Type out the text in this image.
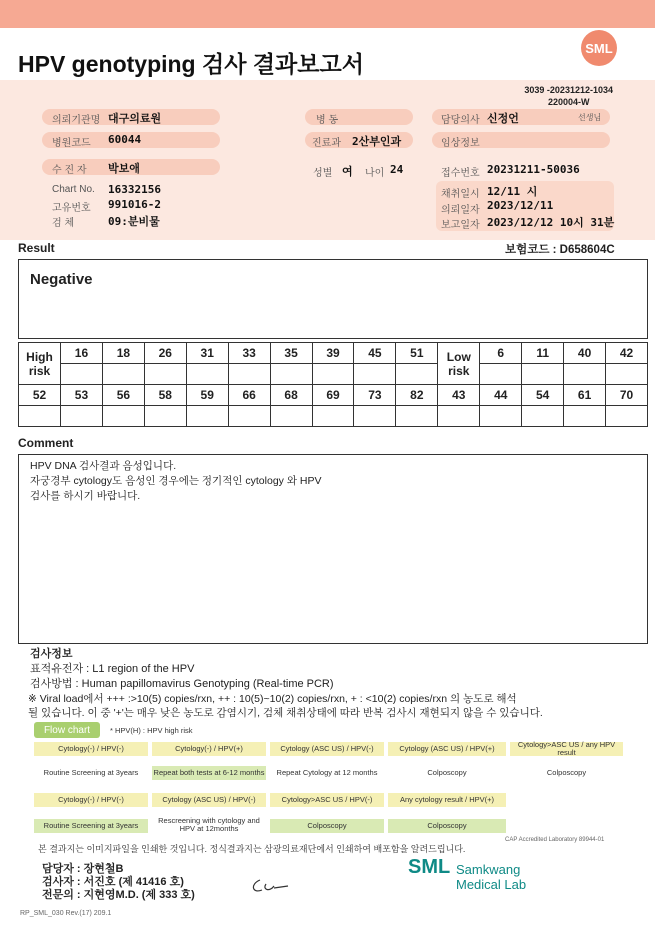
HPV genotyping 검사 결과보고서
SML
3039 -20231212-1034
220004-W
의뢰기관명 대구의료원	병 동	담당의사 신정언	선생님
병원코드 60044	진료과 2산부인과	임상정보
수 진 자 박보애	성별 여 나이 24	접수번호 20231211-50036
Chart No. 16332156
고유번호 991016-2
검 체	09:분비물
채취일시 12/11 시
의뢰일자 2023/12/11
보고일자 2023/12/12 10시 31분
Result	보험코드 : D658604C
Negative
High risk	16	18	26	31	33	35	39	45	51	Low risk	6	11	40	42

52	53	56	58	59	66	68	69	73	82	43	44	54	61	70

Comment
HPV DNA 검사결과 음성입니다.
자궁경부 cytology도 음성인 경우에는 정기적인 cytology 와 HPV
검사를 하시기 바랍니다.
검사정보
표적유전자 : L1 region of the HPV
검사방법 : Human papillomavirus Genotyping (Real-time PCR)
※ Viral load에서 +++ :>10(5) copies/rxn, ++ : 10(5)~10(2) copies/rxn, + : <10(2) copies/rxn 의 농도로 해석
될 있습니다. 이 중 '+'는 매우 낮은 농도로 감염시기, 검체 채취상태에 따라 반복 검사시 재현되지 않을 수 있습니다.
Flow chart	* HPV(H) : HPV high risk
Cytology(-) / HPV(-)	Cytology(-) / HPV(+)	Cytology (ASC US) / HPV(-)	Cytology (ASC US) / HPV(+)	Cytology>ASC US / any HPV result
Routine Screening at 3years	Repeat both tests at 6-12 months	Repeat Cytology at 12 months	Colposcopy	Colposcopy
Cytology(-) / HPV(-)	Cytology (ASC US) / HPV(-)	Cytology>ASC US / HPV(-)	Any cytology result / HPV(+)
Routine Screening at 3years
Rescreening with cytology and HPV at 12months	Colposcopy	Colposcopy
CAP Accredited Laboratory 89944-01
본 결과지는 이미지파일을 인쇄한 것입니다. 정식결과지는 삼광의료재단에서 인쇄하여 배포함을 알려드립니다.
담당자 : 장현철B
검사자 : 서진호 (제 41416 호)
전문의 : 지현영M.D. (제 333 호)
SML Samkwang
Medical Lab
RP_SML_030 Rev.(17) 209.1
